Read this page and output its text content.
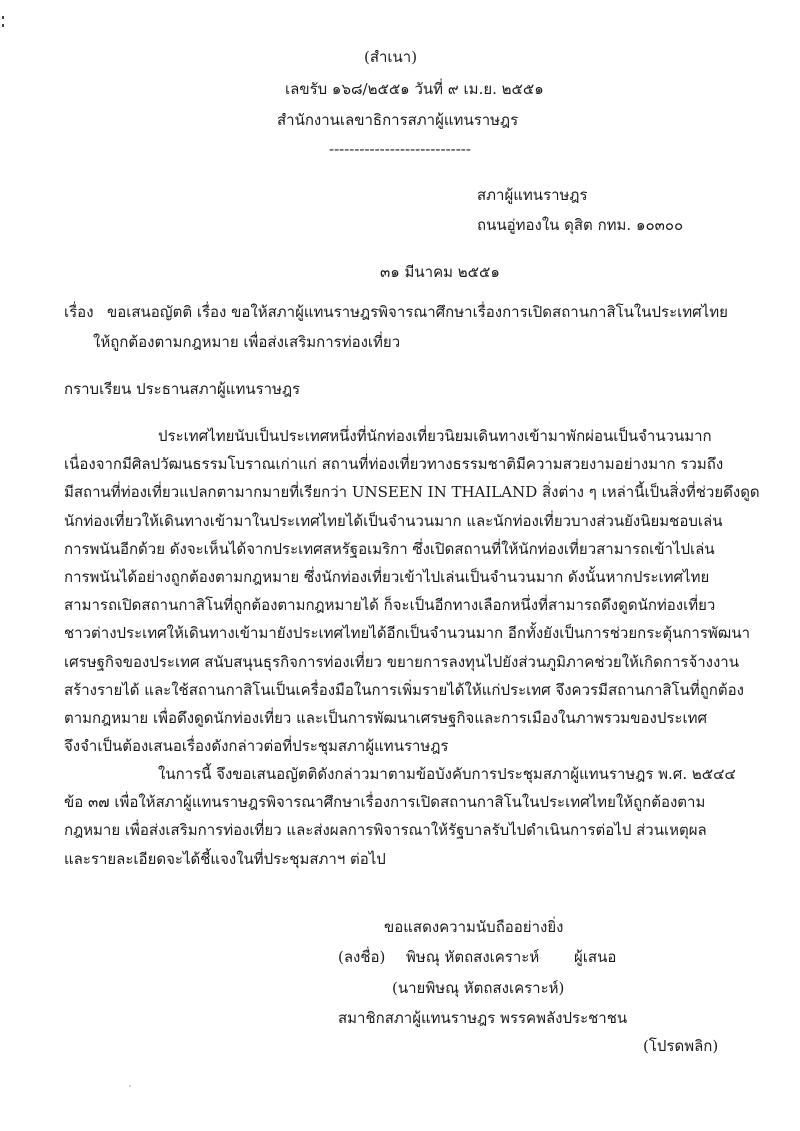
(สำเนา)
เลขรับ ๑๖๘/๒๕๕๑ วันที่ ๙ เม.ย. ๒๕๕๑
สำนักงานเลขาธิการสภาผู้แทนราษฎร
----------------------------
สภาผู้แทนราษฎร
ถนนอู่ทองใน ดุสิต กทม. ๑๐๓๐๐
๓๑ มีนาคม ๒๕๕๑
เรื่อง ขอเสนอญัตติ เรื่อง ขอให้สภาผู้แทนราษฎรพิจารณาศึกษาเรื่องการเปิดสถานกาสิโนในประเทศไทย
ให้ถูกต้องตามกฎหมาย เพื่อส่งเสริมการท่องเที่ยว
กราบเรียน ประธานสภาผู้แทนราษฎร
ประเทศไทยนับเป็นประเทศหนึ่งที่นักท่องเที่ยวนิยมเดินทางเข้ามาพักผ่อนเป็นจำนวนมาก
เนื่องจากมีศิลปวัฒนธรรมโบราณเก่าแก่ สถานที่ท่องเที่ยวทางธรรมชาติมีความสวยงามอย่างมาก รวมถึง
มีสถานที่ท่องเที่ยวแปลกตามากมายที่เรียกว่า UNSEEN IN THAILAND สิ่งต่าง ๆ เหล่านี้เป็นสิ่งที่ช่วยดึงดูด
นักท่องเที่ยวให้เดินทางเข้ามาในประเทศไทยได้เป็นจำนวนมาก และนักท่องเที่ยวบางส่วนยังนิยมชอบเล่น
การพนันอีกด้วย ดังจะเห็นได้จากประเทศสหรัฐอเมริกา ซึ่งเปิดสถานที่ให้นักท่องเที่ยวสามารถเข้าไปเล่น
การพนันได้อย่างถูกต้องตามกฎหมาย ซึ่งนักท่องเที่ยวเข้าไปเล่นเป็นจำนวนมาก ดังนั้นหากประเทศไทย
สามารถเปิดสถานกาสิโนที่ถูกต้องตามกฎหมายได้ ก็จะเป็นอีกทางเลือกหนึ่งที่สามารถดึงดูดนักท่องเที่ยว
ชาวต่างประเทศให้เดินทางเข้ามายังประเทศไทยได้อีกเป็นจำนวนมาก อีกทั้งยังเป็นการช่วยกระตุ้นการพัฒนา
เศรษฐกิจของประเทศ สนับสนุนธุรกิจการท่องเที่ยว ขยายการลงทุนไปยังส่วนภูมิภาคช่วยให้เกิดการจ้างงาน
สร้างรายได้ และใช้สถานกาสิโนเป็นเครื่องมือในการเพิ่มรายได้ให้แก่ประเทศ จึงควรมีสถานกาสิโนที่ถูกต้อง
ตามกฎหมาย เพื่อดึงดูดนักท่องเที่ยว และเป็นการพัฒนาเศรษฐกิจและการเมืองในภาพรวมของประเทศ
จึงจำเป็นต้องเสนอเรื่องดังกล่าวต่อที่ประชุมสภาผู้แทนราษฎร
ในการนี้ จึงขอเสนอญัตติดังกล่าวมาตามข้อบังคับการประชุมสภาผู้แทนราษฎร พ.ศ. ๒๕๔๔
ข้อ ๓๗ เพื่อให้สภาผู้แทนราษฎรพิจารณาศึกษาเรื่องการเปิดสถานกาสิโนในประเทศไทยให้ถูกต้องตาม
กฎหมาย เพื่อส่งเสริมการท่องเที่ยว และส่งผลการพิจารณาให้รัฐบาลรับไปดำเนินการต่อไป ส่วนเหตุผล
และรายละเอียดจะได้ชี้แจงในที่ประชุมสภาฯ ต่อไป
ขอแสดงความนับถืออย่างยิ่ง
(ลงชื่อ) พิษณุ หัตถสงเคราะห์ ผู้เสนอ
(นายพิษณุ หัตถสงเคราะห์)
สมาชิกสภาผู้แทนราษฎร พรรคพลังประชาชน
(โปรดพลิก)
